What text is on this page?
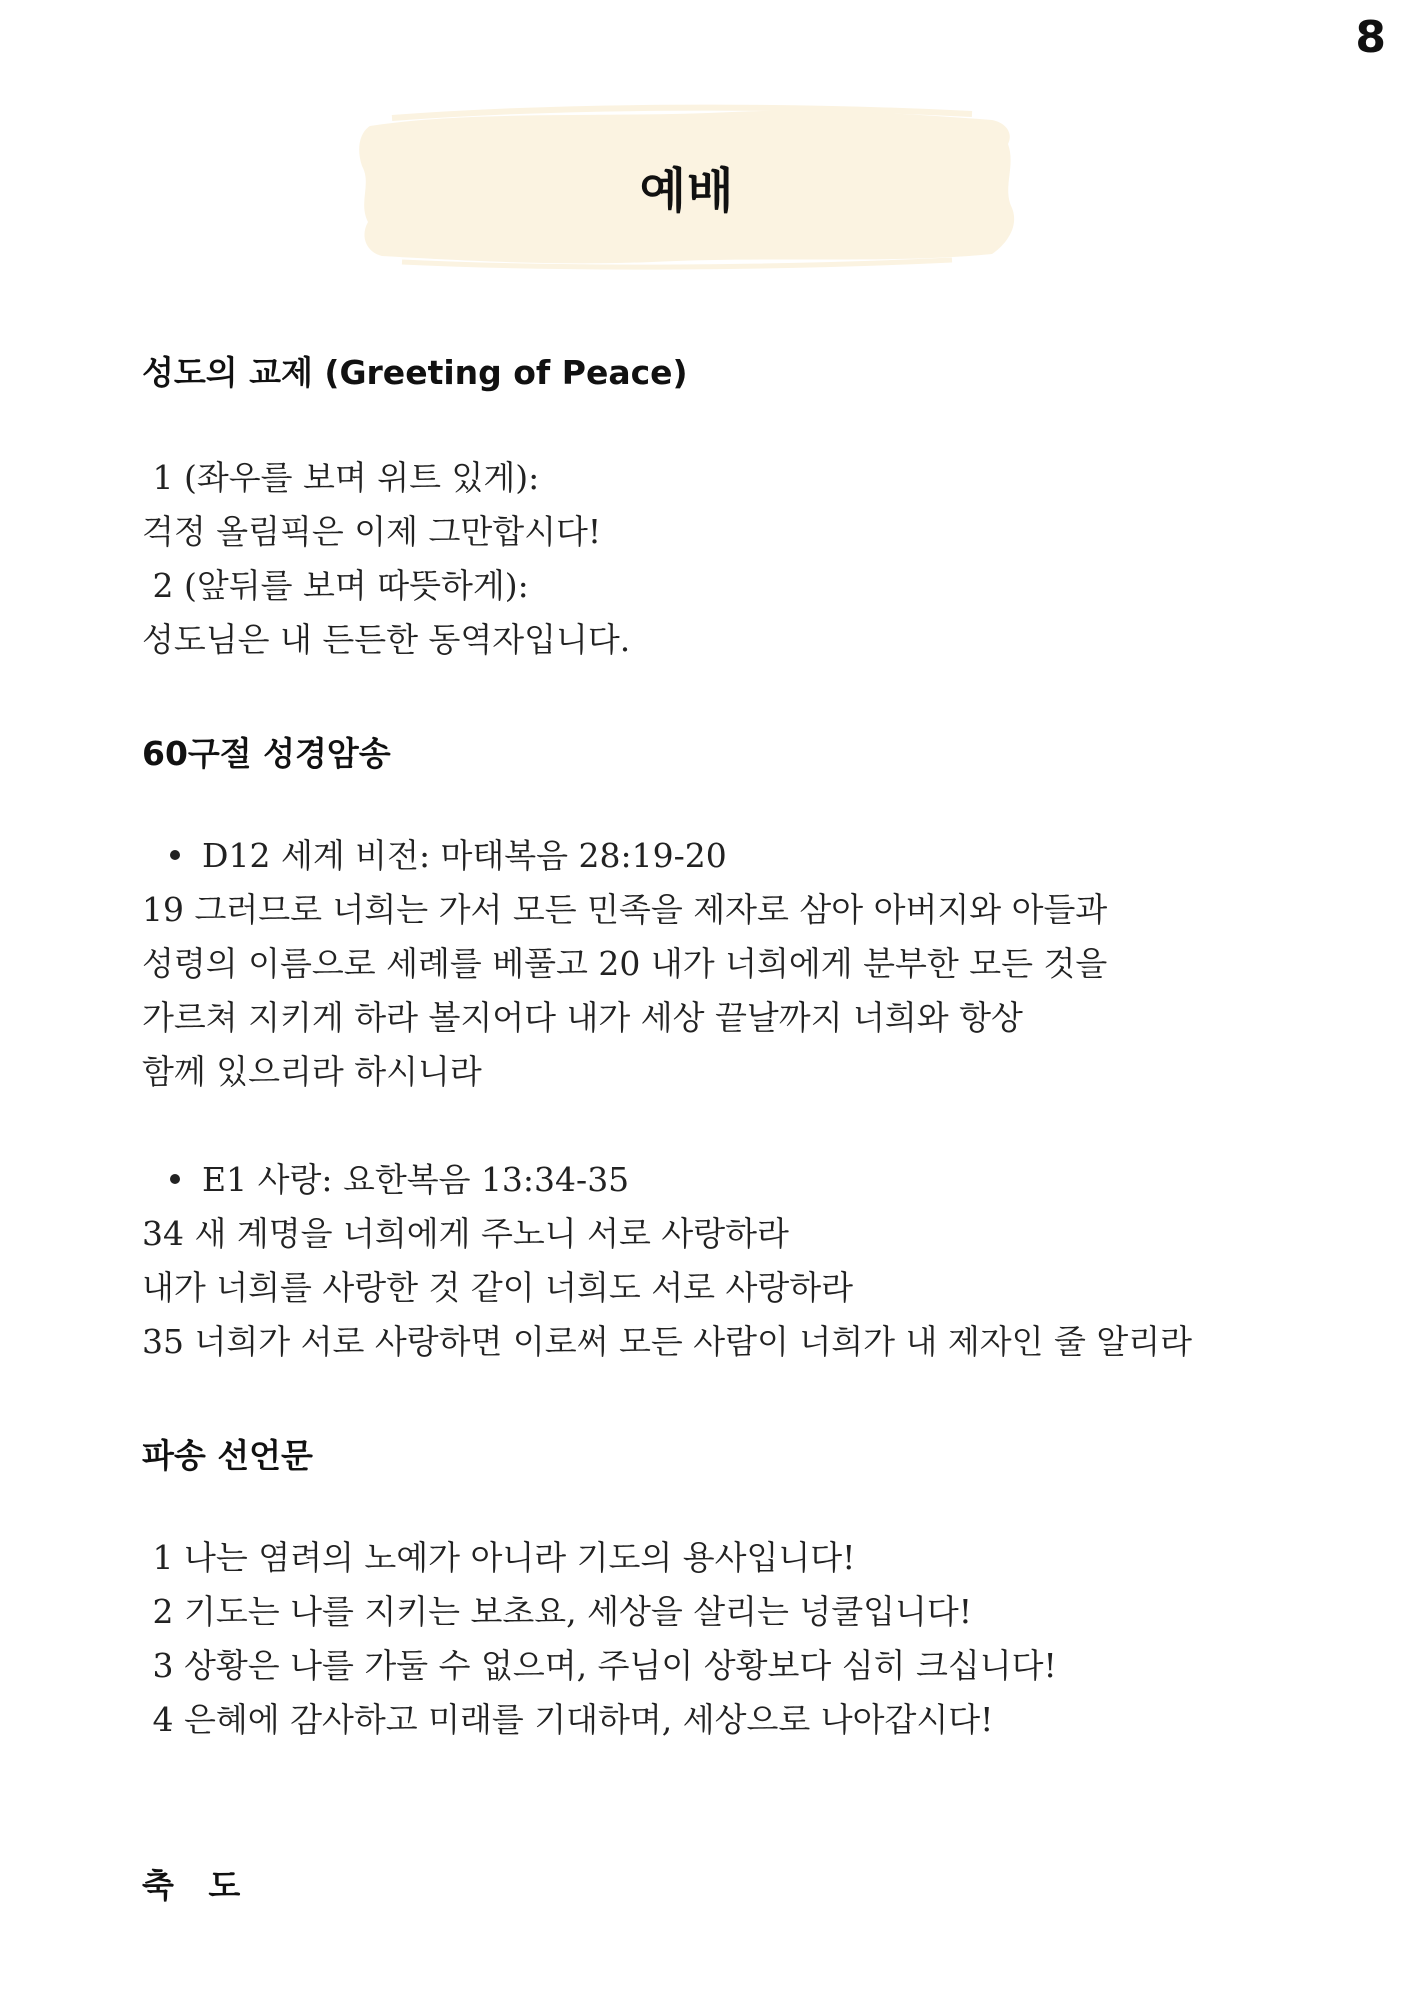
8
예배
성도의 교제 (Greeting of Peace)
1 (좌우를 보며 위트 있게):
걱정 올림픽은 이제 그만합시다!
2 (앞뒤를 보며 따뜻하게):
성도님은 내 든든한 동역자입니다.
60구절 성경암송
D12 세계 비전: 마태복음 28:19-20
19 그러므로 너희는 가서 모든 민족을 제자로 삼아 아버지와 아들과
성령의 이름으로 세례를 베풀고 20 내가 너희에게 분부한 모든 것을
가르쳐 지키게 하라 볼지어다 내가 세상 끝날까지 너희와 항상
함께 있으리라 하시니라
E1 사랑: 요한복음 13:34-35
34 새 계명을 너희에게 주노니 서로 사랑하라
내가 너희를 사랑한 것 같이 너희도 서로 사랑하라
35 너희가 서로 사랑하면 이로써 모든 사람이 너희가 내 제자인 줄 알리라
파송 선언문
1 나는 염려의 노예가 아니라 기도의 용사입니다!
2 기도는 나를 지키는 보초요, 세상을 살리는 넝쿨입니다!
3 상황은 나를 가둘 수 없으며, 주님이 상황보다 심히 크십니다!
4 은혜에 감사하고 미래를 기대하며, 세상으로 나아갑시다!
축   도
